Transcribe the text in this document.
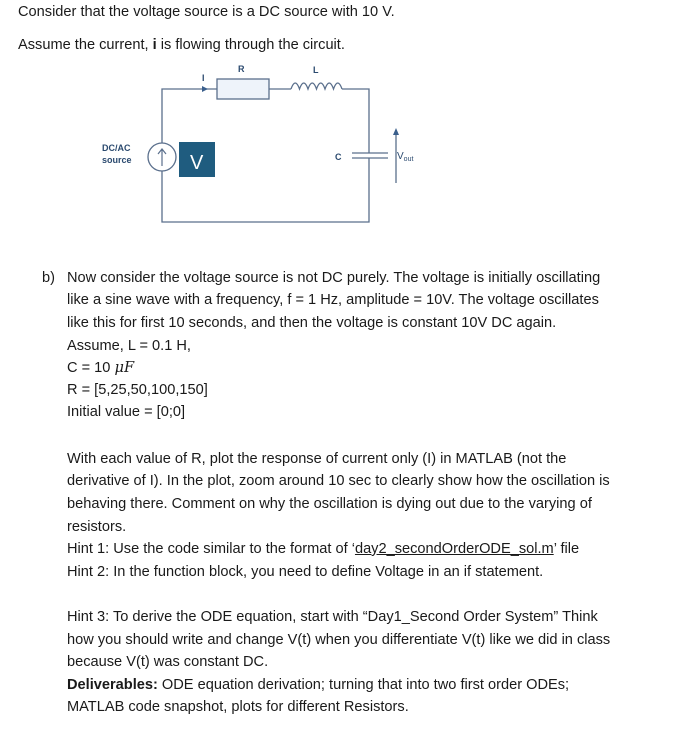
Consider that the voltage source is a DC source with 10 V.
Assume the current, i is flowing through the circuit.
I
R	L
C
DC/AC
source	V	$V_{out}$
b) Now consider the voltage source is not DC purely. The voltage is initially oscillating
like a sine wave with a frequency, f = 1 Hz, amplitude = 10V. The voltage oscillates
like this for first 10 seconds, and then the voltage is constant 10V DC again.
Assume, L = 0.1 H,
C = 10 μF
R = [5,25,50,100,150]
Initial value = [0;0]
With each value of R, plot the response of current only (I) in MATLAB (not the
derivative of I). In the plot, zoom around 10 sec to clearly show how the oscillation is
behaving there. Comment on why the oscillation is dying out due to the varying of
resistors.
Hint 1: Use the code similar to the format of ‘day2_secondOrderODE_sol.m’ file
Hint 2: In the function block, you need to define Voltage in an if statement.
Hint 3: To derive the ODE equation, start with “Day1_Second Order System” Think
how you should write and change V(t) when you differentiate V(t) like we did in class
because V(t) was constant DC.
Deliverables: ODE equation derivation; turning that into two first order ODEs;
MATLAB code snapshot, plots for different Resistors.
